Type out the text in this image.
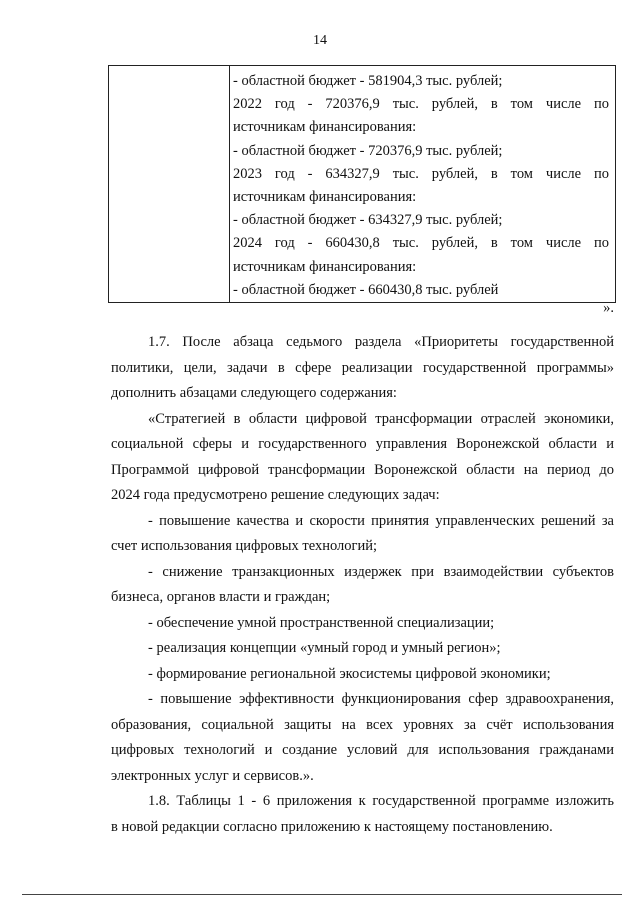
14

- областной бюджет - 581904,3 тыс. рублей;
2022 год - 720376,9 тыс. рублей, в том числе по
источникам финансирования:
- областной бюджет - 720376,9 тыс. рублей;
2023 год - 634327,9 тыс. рублей, в том числе по
источникам финансирования:
- областной бюджет - 634327,9 тыс. рублей;
2024 год - 660430,8 тыс. рублей, в том числе по
источникам финансирования:
- областной бюджет - 660430,8 тыс. рублей
».

1.7. После абзаца седьмого раздела «Приоритеты государственной
политики, цели, задачи в сфере реализации государственной программы»
дополнить абзацами следующего содержания:

«Стратегией в области цифровой трансформации отраслей экономики,
социальной сферы и государственного управления Воронежской области и
Программой цифровой трансформации Воронежской области на период до
2024 года предусмотрено решение следующих задач:

- повышение качества и скорости принятия управленческих решений за
счет использования цифровых технологий;

- снижение транзакционных издержек при взаимодействии субъектов
бизнеса, органов власти и граждан;

- обеспечение умной пространственной специализации;

- реализация концепции «умный город и умный регион»;

- формирование региональной экосистемы цифровой экономики;

- повышение эффективности функционирования сфер здравоохранения,
образования, социальной защиты на всех уровнях за счёт использования
цифровых технологий и создание условий для использования гражданами
электронных услуг и сервисов.».

1.8. Таблицы 1 - 6 приложения к государственной программе изложить
в новой редакции согласно приложению к настоящему постановлению.
